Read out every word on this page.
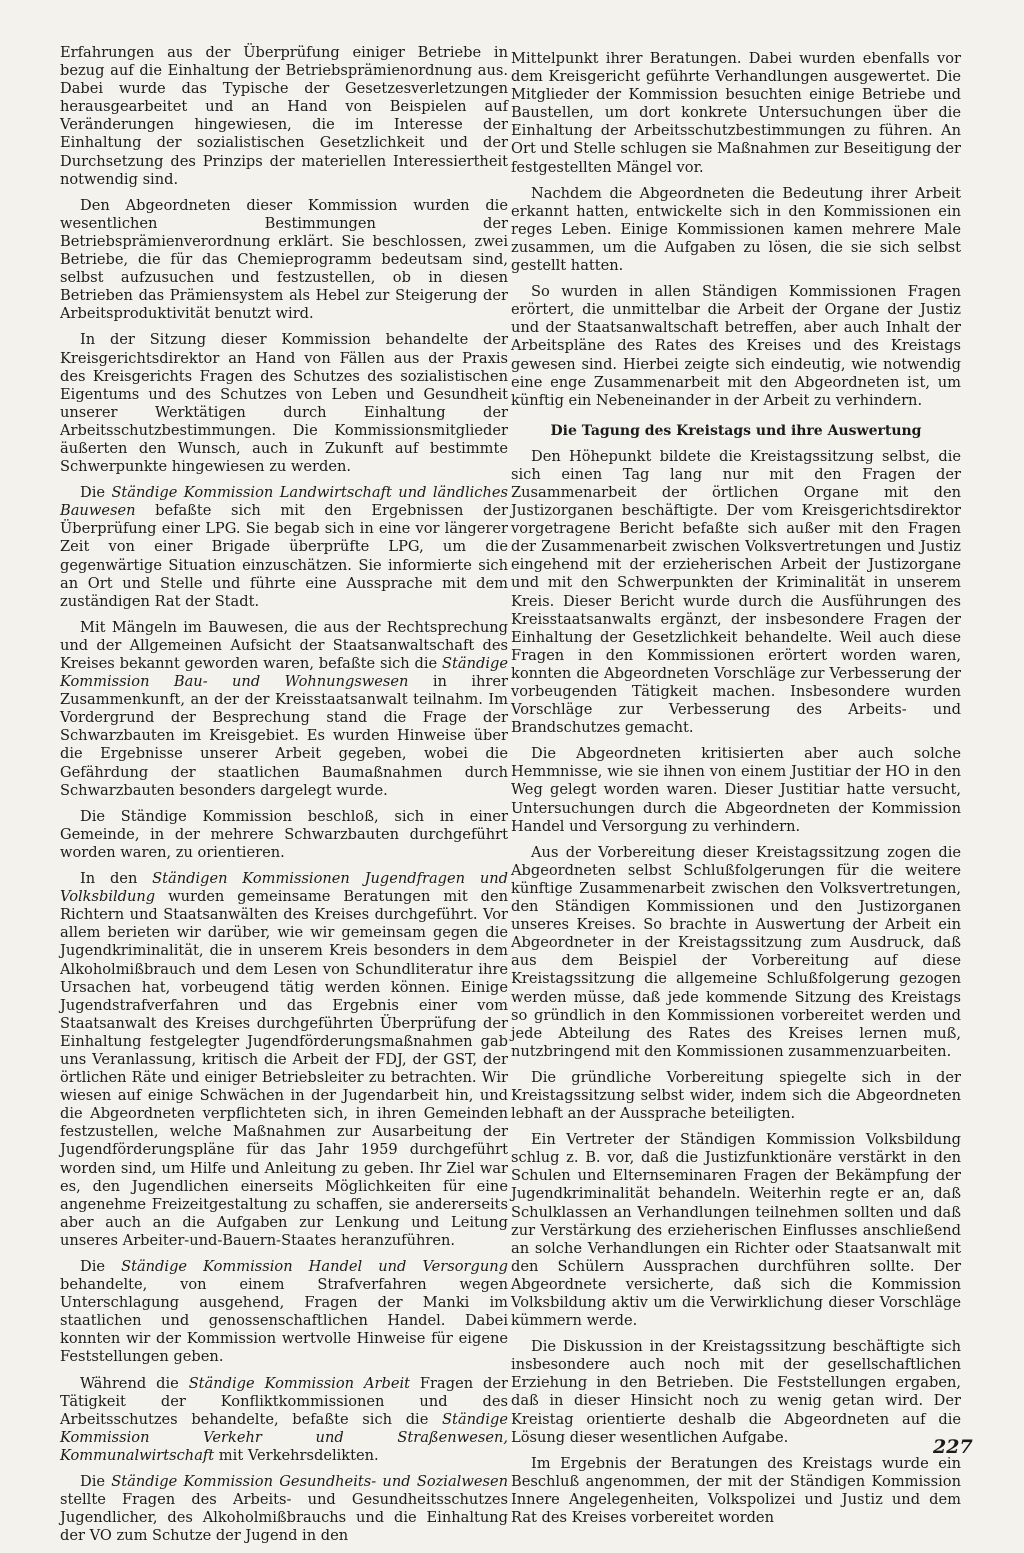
Erfahrungen aus der Überprüfung einiger Betriebe in bezug auf die Einhaltung der Betriebsprämienordnung aus. Dabei wurde das Typische der Gesetzesverletzungen herausgearbeitet und an Hand von Beispielen auf Veränderungen hingewiesen, die im Interesse der Einhaltung der sozialistischen Gesetzlichkeit und der Durchsetzung des Prinzips der materiellen Interessiertheit notwendig sind.

Den Abgeordneten dieser Kommission wurden die wesentlichen Bestimmungen der Betriebsprämienverordnung erklärt. Sie beschlossen, zwei Betriebe, die für das Chemieprogramm bedeutsam sind, selbst aufzusuchen und festzustellen, ob in diesen Betrieben das Prämiensystem als Hebel zur Steigerung der Arbeitsproduktivität benutzt wird.

In der Sitzung dieser Kommission behandelte der Kreisgerichtsdirektor an Hand von Fällen aus der Praxis des Kreisgerichts Fragen des Schutzes des sozialistischen Eigentums und des Schutzes von Leben und Gesundheit unserer Werktätigen durch Einhaltung der Arbeitsschutzbestimmungen. Die Kommissionsmitglieder äußerten den Wunsch, auch in Zukunft auf bestimmte Schwerpunkte hingewiesen zu werden.

Die Ständige Kommission Landwirtschaft und ländliches Bauwesen befaßte sich mit den Ergebnissen der Überprüfung einer LPG. Sie begab sich in eine vor längerer Zeit von einer Brigade überprüfte LPG, um die gegenwärtige Situation einzuschätzen. Sie informierte sich an Ort und Stelle und führte eine Aussprache mit dem zuständigen Rat der Stadt.

Mit Mängeln im Bauwesen, die aus der Rechtsprechung und der Allgemeinen Aufsicht der Staatsanwaltschaft des Kreises bekannt geworden waren, befaßte sich die Ständige Kommission Bau- und Wohnungswesen in ihrer Zusammenkunft, an der der Kreisstaatsanwalt teilnahm. Im Vordergrund der Besprechung stand die Frage der Schwarzbauten im Kreisgebiet. Es wurden Hinweise über die Ergebnisse unserer Arbeit gegeben, wobei die Gefährdung der staatlichen Baumaßnahmen durch Schwarzbauten besonders dargelegt wurde.

Die Ständige Kommission beschloß, sich in einer Gemeinde, in der mehrere Schwarzbauten durchgeführt worden waren, zu orientieren.

In den Ständigen Kommissionen Jugendfragen und Volksbildung wurden gemeinsame Beratungen mit den Richtern und Staatsanwälten des Kreises durchgeführt. Vor allem berieten wir darüber, wie wir gemeinsam gegen die Jugendkriminalität, die in unserem Kreis besonders in dem Alkoholmißbrauch und dem Lesen von Schundliteratur ihre Ursachen hat, vorbeugend tätig werden können. Einige Jugendstrafverfahren und das Ergebnis einer vom Staatsanwalt des Kreises durchgeführten Überprüfung der Einhaltung festgelegter Jugendförderungsmaßnahmen gab uns Veranlassung, kritisch die Arbeit der FDJ, der GST, der örtlichen Räte und einiger Betriebsleiter zu betrachten. Wir wiesen auf einige Schwächen in der Jugendarbeit hin, und die Abgeordneten verpflichteten sich, in ihren Gemeinden festzustellen, welche Maßnahmen zur Ausarbeitung der Jugendförderungspläne für das Jahr 1959 durchgeführt worden sind, um Hilfe und Anleitung zu geben. Ihr Ziel war es, den Jugendlichen einerseits Möglichkeiten für eine angenehme Freizeitgestaltung zu schaffen, sie andererseits aber auch an die Aufgaben zur Lenkung und Leitung unseres Arbeiter-und-Bauern-Staates heranzuführen.

Die Ständige Kommission Handel und Versorgung behandelte, von einem Strafverfahren wegen Unterschlagung ausgehend, Fragen der Manki im staatlichen und genossenschaftlichen Handel. Dabei konnten wir der Kommission wertvolle Hinweise für eigene Feststellungen geben.

Während die Ständige Kommission Arbeit Fragen der Tätigkeit der Konfliktkommissionen und des Arbeitsschutzes behandelte, befaßte sich die Ständige Kommission Verkehr und Straßenwesen, Kommunalwirtschaft mit Verkehrsdelikten.

Die Ständige Kommission Gesundheits- und Sozialwesen stellte Fragen des Arbeits- und Gesundheitsschutzes Jugendlicher, des Alkoholmißbrauchs und die Einhaltung der VO zum Schutze der Jugend in den

Mittelpunkt ihrer Beratungen. Dabei wurden ebenfalls vor dem Kreisgericht geführte Verhandlungen ausgewertet. Die Mitglieder der Kommission besuchten einige Betriebe und Baustellen, um dort konkrete Untersuchungen über die Einhaltung der Arbeitsschutzbestimmungen zu führen. An Ort und Stelle schlugen sie Maßnahmen zur Beseitigung der festgestellten Mängel vor.

Nachdem die Abgeordneten die Bedeutung ihrer Arbeit erkannt hatten, entwickelte sich in den Kommissionen ein reges Leben. Einige Kommissionen kamen mehrere Male zusammen, um die Aufgaben zu lösen, die sie sich selbst gestellt hatten.

So wurden in allen Ständigen Kommissionen Fragen erörtert, die unmittelbar die Arbeit der Organe der Justiz und der Staatsanwaltschaft betreffen, aber auch Inhalt der Arbeitspläne des Rates des Kreises und des Kreistags gewesen sind. Hierbei zeigte sich eindeutig, wie notwendig eine enge Zusammenarbeit mit den Abgeordneten ist, um künftig ein Nebeneinander in der Arbeit zu verhindern.

Die Tagung des Kreistags und ihre Auswertung

Den Höhepunkt bildete die Kreistagssitzung selbst, die sich einen Tag lang nur mit den Fragen der Zusammenarbeit der örtlichen Organe mit den Justizorganen beschäftigte. Der vom Kreisgerichtsdirektor vorgetragene Bericht befaßte sich außer mit den Fragen der Zusammenarbeit zwischen Volksvertretungen und Justiz eingehend mit der erzieherischen Arbeit der Justizorgane und mit den Schwerpunkten der Kriminalität in unserem Kreis. Dieser Bericht wurde durch die Ausführungen des Kreisstaatsanwalts ergänzt, der insbesondere Fragen der Einhaltung der Gesetzlichkeit behandelte. Weil auch diese Fragen in den Kommissionen erörtert worden waren, konnten die Abgeordneten Vorschläge zur Verbesserung der vorbeugenden Tätigkeit machen. Insbesondere wurden Vorschläge zur Verbesserung des Arbeits- und Brandschutzes gemacht.

Die Abgeordneten kritisierten aber auch solche Hemmnisse, wie sie ihnen von einem Justitiar der HO in den Weg gelegt worden waren. Dieser Justitiar hatte versucht, Untersuchungen durch die Abgeordneten der Kommission Handel und Versorgung zu verhindern.

Aus der Vorbereitung dieser Kreistagssitzung zogen die Abgeordneten selbst Schlußfolgerungen für die weitere künftige Zusammenarbeit zwischen den Volksvertretungen, den Ständigen Kommissionen und den Justizorganen unseres Kreises. So brachte in Auswertung der Arbeit ein Abgeordneter in der Kreistagssitzung zum Ausdruck, daß aus dem Beispiel der Vorbereitung auf diese Kreistagssitzung die allgemeine Schlußfolgerung gezogen werden müsse, daß jede kommende Sitzung des Kreistags so gründlich in den Kommissionen vorbereitet werden und jede Abteilung des Rates des Kreises lernen muß, nutzbringend mit den Kommissionen zusammenzuarbeiten.

Die gründliche Vorbereitung spiegelte sich in der Kreistagssitzung selbst wider, indem sich die Abgeordneten lebhaft an der Aussprache beteiligten.

Ein Vertreter der Ständigen Kommission Volksbildung schlug z. B. vor, daß die Justizfunktionäre verstärkt in den Schulen und Elternseminaren Fragen der Bekämpfung der Jugendkriminalität behandeln. Weiterhin regte er an, daß Schulklassen an Verhandlungen teilnehmen sollten und daß zur Verstärkung des erzieherischen Einflusses anschließend an solche Verhandlungen ein Richter oder Staatsanwalt mit den Schülern Aussprachen durchführen sollte. Der Abgeordnete versicherte, daß sich die Kommission Volksbildung aktiv um die Verwirklichung dieser Vorschläge kümmern werde.

Die Diskussion in der Kreistagssitzung beschäftigte sich insbesondere auch noch mit der gesellschaftlichen Erziehung in den Betrieben. Die Feststellungen ergaben, daß in dieser Hinsicht noch zu wenig getan wird. Der Kreistag orientierte deshalb die Abgeordneten auf die Lösung dieser wesentlichen Aufgabe.

Im Ergebnis der Beratungen des Kreistags wurde ein Beschluß angenommen, der mit der Ständigen Kommission Innere Angelegenheiten, Volkspolizei und Justiz und dem Rat des Kreises vorbereitet worden

227
